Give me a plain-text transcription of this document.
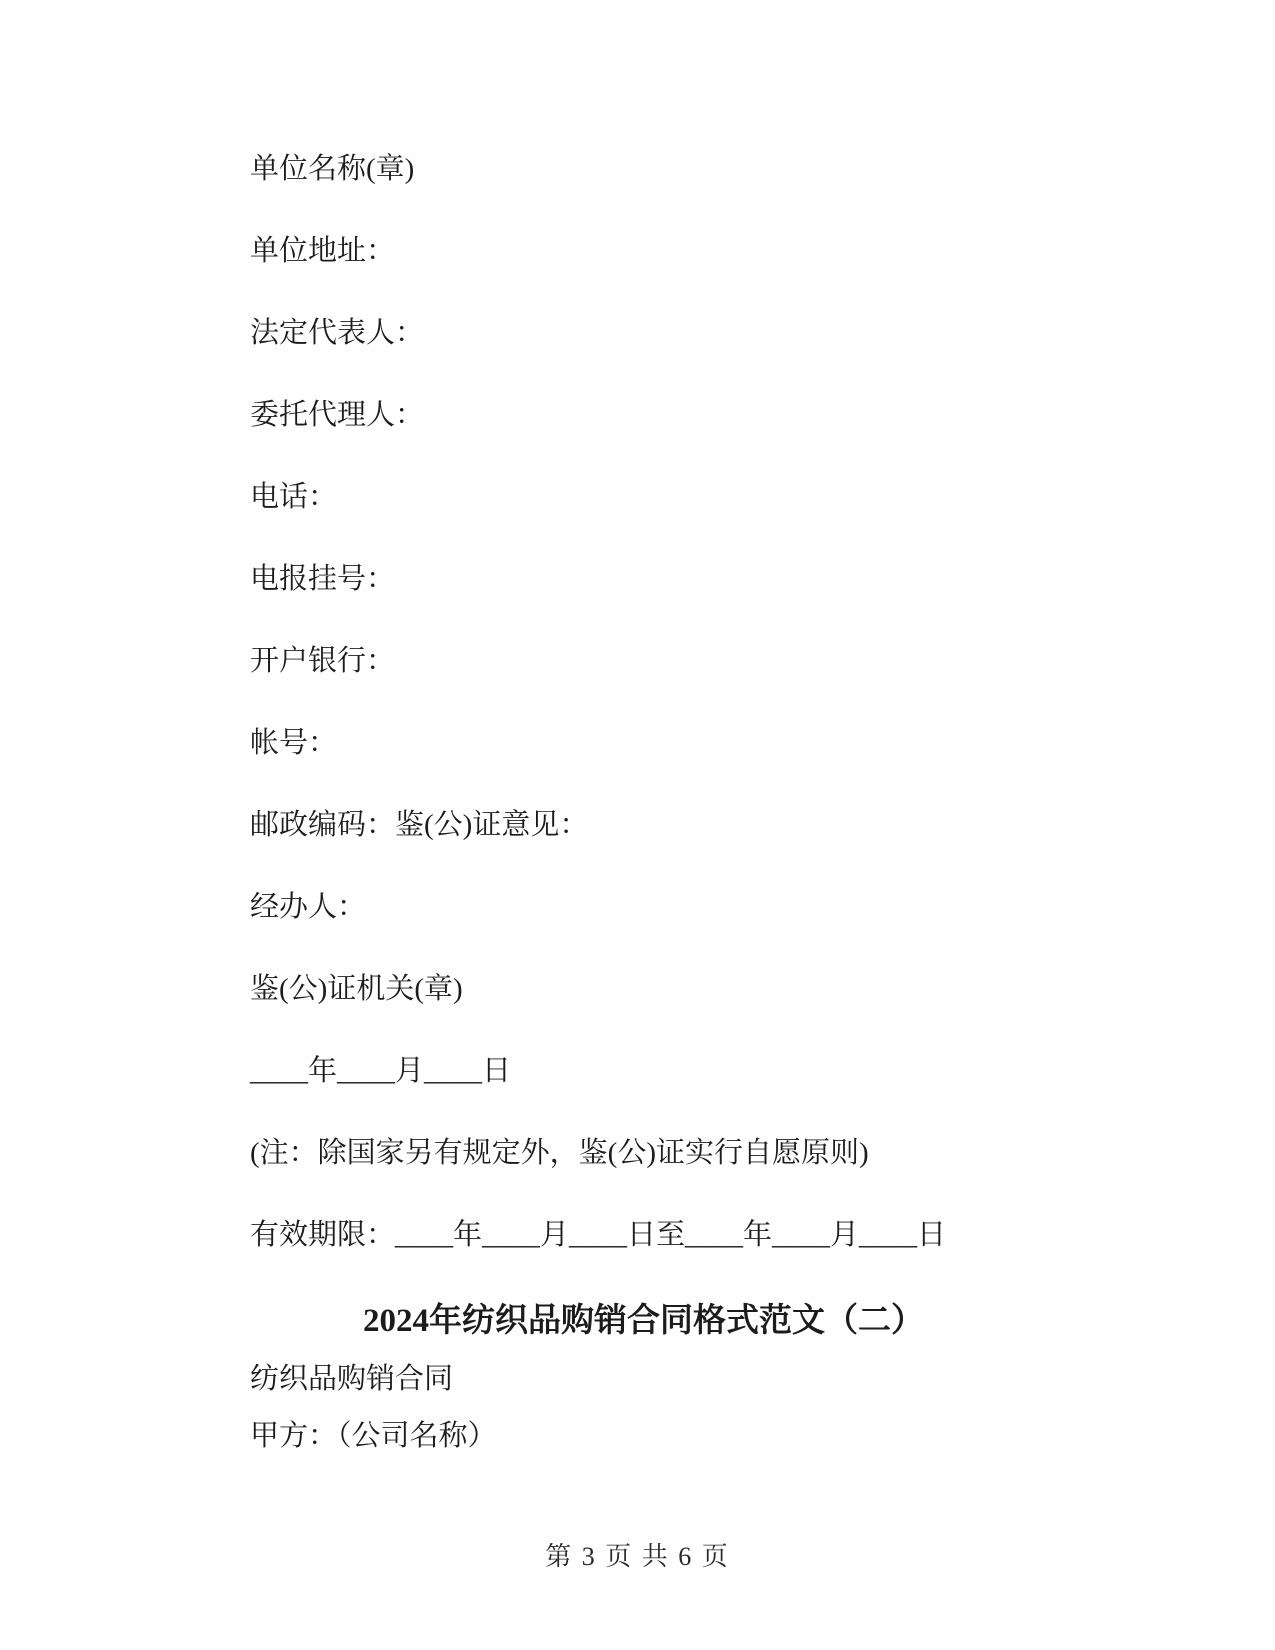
单位名称(章)

单位地址：

法定代表人：

委托代理人：

电话：

电报挂号：

开户银行：

帐号：

邮政编码：鉴(公)证意见：

经办人：

鉴(公)证机关(章)

____年____月____日

(注：除国家另有规定外，鉴(公)证实行自愿原则)

有效期限：____年____月____日至____年____月____日

2024年纺织品购销合同格式范文（二）

纺织品购销合同

甲方：（公司名称）

第 3 页 共 6 页
